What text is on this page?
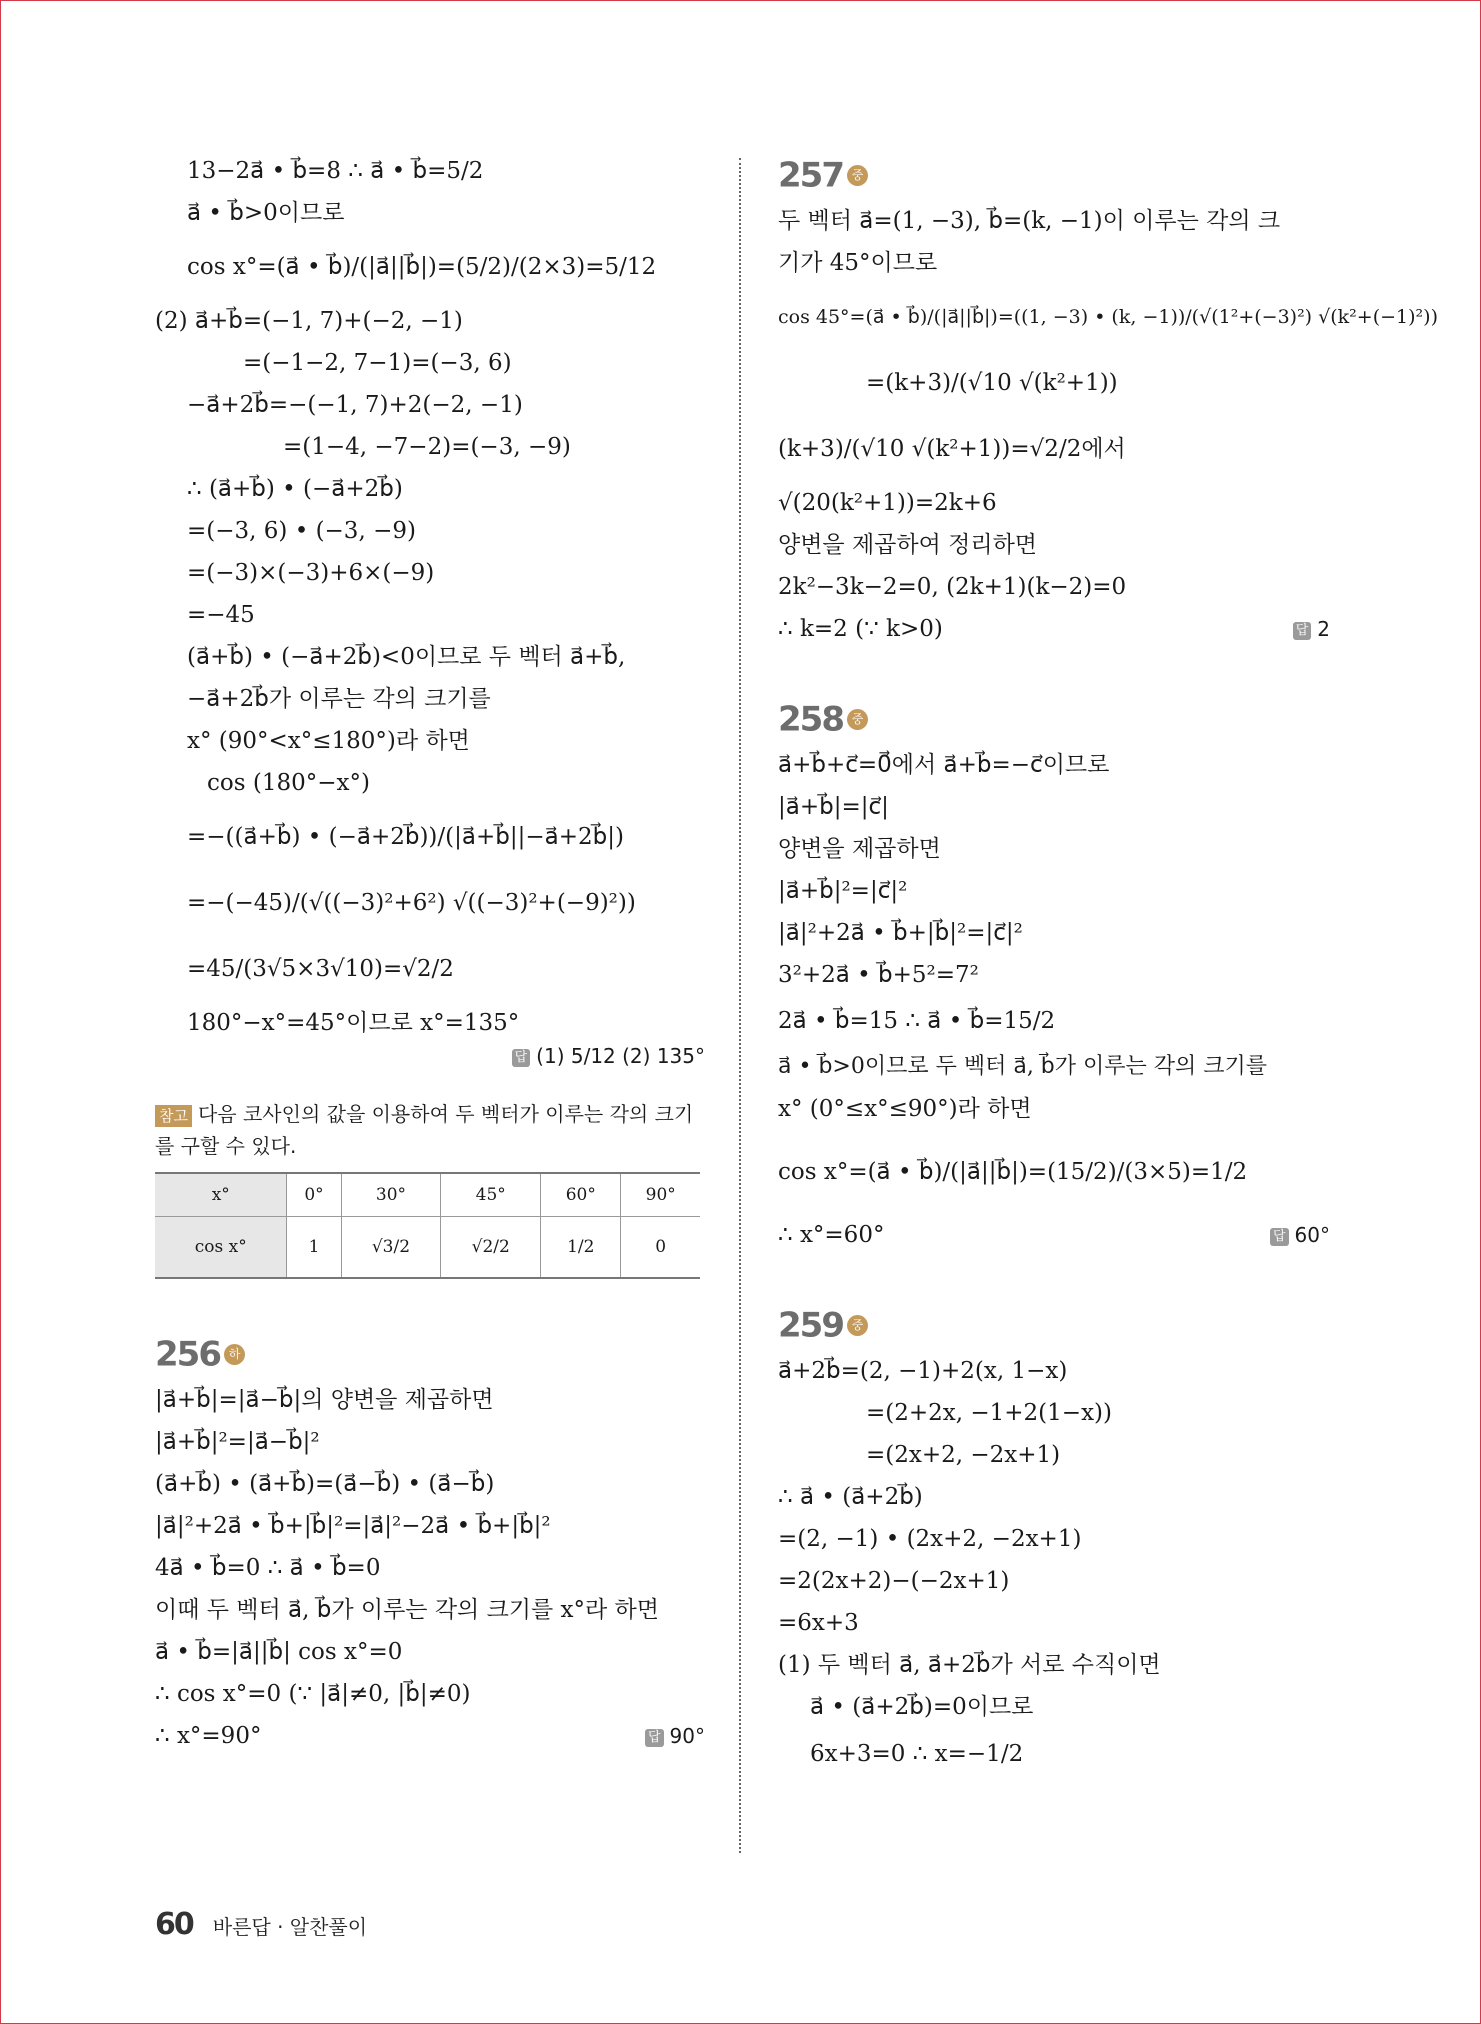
13−2a⃗ • b⃗=8 ∴ a⃗ • b⃗=5/2
a⃗ • b⃗>0이므로
cos x°=(a⃗ • b⃗)/(|a⃗||b⃗|)=(5/2)/(2×3)=5/12
(2) a⃗+b⃗=(−1, 7)+(−2, −1)
=(−1−2, 7−1)=(−3, 6)
−a⃗+2b⃗=−(−1, 7)+2(−2, −1)
=(1−4, −7−2)=(−3, −9)
∴ (a⃗+b⃗) • (−a⃗+2b⃗)
=(−3, 6) • (−3, −9)
=(−3)×(−3)+6×(−9)
=−45
(a⃗+b⃗) • (−a⃗+2b⃗)<0이므로 두 벡터 a⃗+b⃗,
−a⃗+2b⃗가 이루는 각의 크기를
x° (90°<x°≤180°)라 하면
cos (180°−x°)
=−((a⃗+b⃗) • (−a⃗+2b⃗))/(|a⃗+b⃗||−a⃗+2b⃗|)
=−(−45)/(√((−3)²+6²) √((−3)²+(−9)²))
=45/(3√5×3√10)=√2/2
180°−x°=45°이므로 x°=135°
답 (1) 5/12 (2) 135°
참고 다음 코사인의 값을 이용하여 두 벡터가 이루는 각의 크기를 구할 수 있다.
x°	0°	30°	45°	60°	90°
cos x°	1	√3/2	√2/2	1/2	0
256 하
|a⃗+b⃗|=|a⃗−b⃗|의 양변을 제곱하면
|a⃗+b⃗|²=|a⃗−b⃗|²
(a⃗+b⃗) • (a⃗+b⃗)=(a⃗−b⃗) • (a⃗−b⃗)
|a⃗|²+2a⃗ • b⃗+|b⃗|²=|a⃗|²−2a⃗ • b⃗+|b⃗|²
4a⃗ • b⃗=0 ∴ a⃗ • b⃗=0
이때 두 벡터 a⃗, b⃗가 이루는 각의 크기를 x°라 하면
a⃗ • b⃗=|a⃗||b⃗| cos x°=0
∴ cos x°=0 (∵ |a⃗|≠0, |b⃗|≠0)
∴ x°=90°	답 90°
257 중
두 벡터 a⃗=(1, −3), b⃗=(k, −1)이 이루는 각의 크
기가 45°이므로
cos 45°=(a⃗ • b⃗)/(|a⃗||b⃗|)=((1, −3) • (k, −1))/(√(1²+(−3)²) √(k²+(−1)²))
=(k+3)/(√10 √(k²+1))
(k+3)/(√10 √(k²+1))=√2/2에서
√(20(k²+1))=2k+6
양변을 제곱하여 정리하면
2k²−3k−2=0, (2k+1)(k−2)=0
∴ k=2 (∵ k>0)	답 2
258 중
a⃗+b⃗+c⃗=0⃗에서 a⃗+b⃗=−c⃗이므로
|a⃗+b⃗|=|c⃗|
양변을 제곱하면
|a⃗+b⃗|²=|c⃗|²
|a⃗|²+2a⃗ • b⃗+|b⃗|²=|c⃗|²
3²+2a⃗ • b⃗+5²=7²
2a⃗ • b⃗=15 ∴ a⃗ • b⃗=15/2
a⃗ • b⃗>0이므로 두 벡터 a⃗, b⃗가 이루는 각의 크기를
x° (0°≤x°≤90°)라 하면
cos x°=(a⃗ • b⃗)/(|a⃗||b⃗|)=(15/2)/(3×5)=1/2
∴ x°=60°	답 60°
259 중
a⃗+2b⃗=(2, −1)+2(x, 1−x)
=(2+2x, −1+2(1−x))
=(2x+2, −2x+1)
∴ a⃗ • (a⃗+2b⃗)
=(2, −1) • (2x+2, −2x+1)
=2(2x+2)−(−2x+1)
=6x+3
(1) 두 벡터 a⃗, a⃗+2b⃗가 서로 수직이면
a⃗ • (a⃗+2b⃗)=0이므로
6x+3=0 ∴ x=−1/2
60 바른답 · 알찬풀이
